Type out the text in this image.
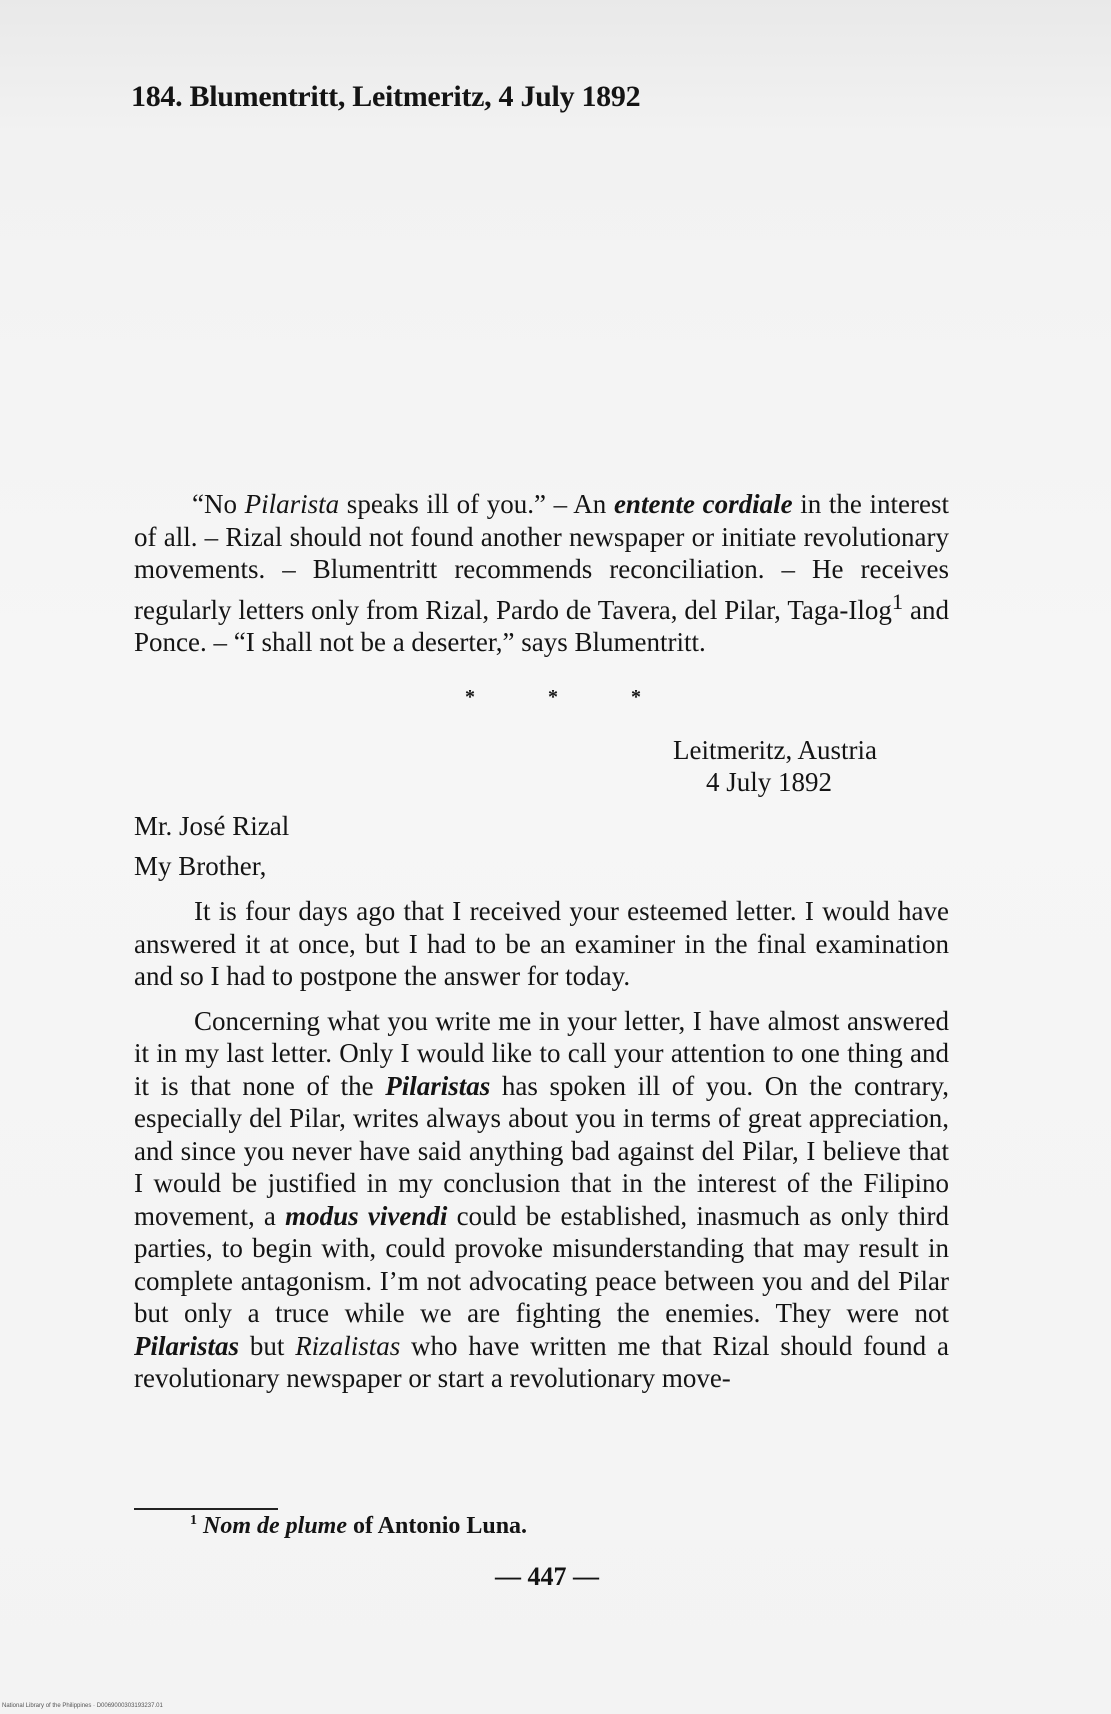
184. Blumentritt, Leitmeritz, 4 July 1892
“No Pilarista speaks ill of you.” – An entente cordiale in the interest of all. – Rizal should not found another newspaper or initiate revolutionary movements. – Blumentritt recommends reconciliation. – He receives regularly letters only from Rizal, Pardo de Tavera, del Pilar, Taga-Ilog$^1$ and Ponce. – “I shall not be a deserter,” says Blumentritt.
* * *
Leitmeritz, Austria
4 July 1892
Mr. José Rizal
My Brother,

It is four days ago that I received your esteemed letter. I would have answered it at once, but I had to be an examiner in the final examination and so I had to postpone the answer for today.

Concerning what you write me in your letter, I have almost answered it in my last letter. Only I would like to call your attention to one thing and it is that none of the Pilaristas has spoken ill of you. On the contrary, especially del Pilar, writes always about you in terms of great appreciation, and since you never have said anything bad against del Pilar, I believe that I would be justified in my conclusion that in the interest of the Filipino movement, a modus vivendi could be established, inasmuch as only third parties, to begin with, could provoke misunderstanding that may result in complete antagonism. I’m not advocating peace between you and del Pilar but only a truce while we are fighting the enemies. They were not Pilaristas but Rizalistas who have written me that Rizal should found a revolutionary newspaper or start a revolutionary move-

$^1$ Nom de plume of Antonio Luna.
— 447 —
National Library of the Philippines · D0069000303193237.01
